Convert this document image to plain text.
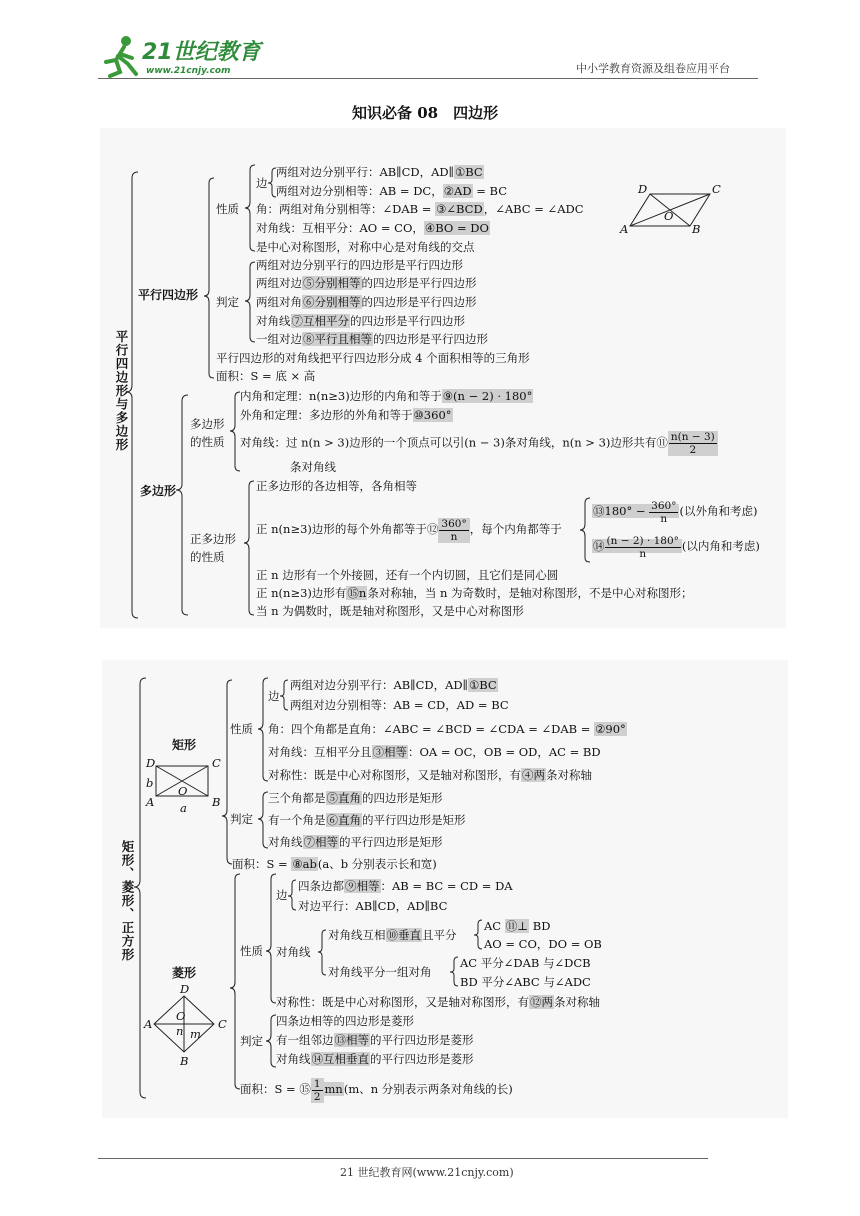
21世纪教育
www.21cnjy.com	中小学教育资源及组卷应用平台
知识必备 08　四边形
平行四边形与多边形
平行四边形
性质
边
两组对边分别平行：AB∥CD，AD∥①BC
两组对边分别相等：AB = DC，②AD = BC
角：两组对角分别相等：∠DAB = ③∠BCD，∠ABC = ∠ADC
对角线：互相平分：AO = CO，④BO = DO
是中心对称图形，对称中心是对角线的交点
判定
两组对边分别平行的四边形是平行四边形
两组对边⑤分别相等的四边形是平行四边形
两组对角⑥分别相等的四边形是平行四边形
对角线⑦互相平分的四边形是平行四边形
一组对边⑧平行且相等的四边形是平行四边形
平行四边形的对角线把平行四边形分成 4 个面积相等的三角形
面积：S = 底 × 高
D	C
A	B
O
多边形
多边形的性质
内角和定理：n(n≥3)边形的内角和等于⑨(n − 2) · 180°
外角和定理：多边形的外角和等于⑩360°
对角线：过 n(n > 3)边形的一个顶点可以引(n − 3)条对角线，n(n > 3)边形共有⑪ $\frac{n(n - 3)}{2}$
条对角线
正多边形的性质
正多边形的各边相等，各角相等
正 n(n≥3)边形的每个外角都等于⑫ $\frac{360^\circ}{n}$ ，每个内角都等于
⑬180° − $\frac{360^\circ}{n}$ (以外角和考虑)
⑭ $\frac{(n - 2) \cdot 180^\circ}{n}$ (以内角和考虑)
正 n 边形有一个外接圆，还有一个内切圆，且它们是同心圆
正 n(n≥3)边形有⑮n条对称轴，当 n 为奇数时，是轴对称图形，不是中心对称图形；
当 n 为偶数时，既是轴对称图形，又是中心对称图形
矩形、菱形、正方形
矩形
D	C
b
A	B
O
a
性质
边
两组对边分别平行：AB∥CD，AD∥①BC
两组对边分别相等：AB = CD，AD = BC
角：四个角都是直角：∠ABC = ∠BCD = ∠CDA = ∠DAB = ②90°
对角线：互相平分且③相等：OA = OC，OB = OD，AC = BD
对称性：既是中心对称图形，又是轴对称图形，有④两条对称轴
判定
三个角都是⑤直角的四边形是矩形
有一个角是⑥直角的平行四边形是矩形
对角线⑦相等的平行四边形是矩形
面积：S = ⑧ab(a、b 分别表示长和宽)
菱形
D
A	C
B
O
n m
性质
边
四条边都⑨相等：AB = BC = CD = DA
对边平行：AB∥CD，AD∥BC
对角线
对角线互相⑩垂直且平分
AC ⑪⊥ BD
AO = CO，DO = OB
对角线平分一组对角
AC 平分∠DAB 与∠DCB
BD 平分∠ABC 与∠ADC
对称性：既是中心对称图形，又是轴对称图形，有⑫两条对称轴
判定
四条边相等的四边形是菱形
有一组邻边⑬相等的平行四边形是菱形
对角线⑭互相垂直的平行四边形是菱形
面积：S = ⑮ $\frac{1}{2} mn(m$、n 分别表示两条对角线的长)
21 世纪教育网(www.21cnjy.com)
